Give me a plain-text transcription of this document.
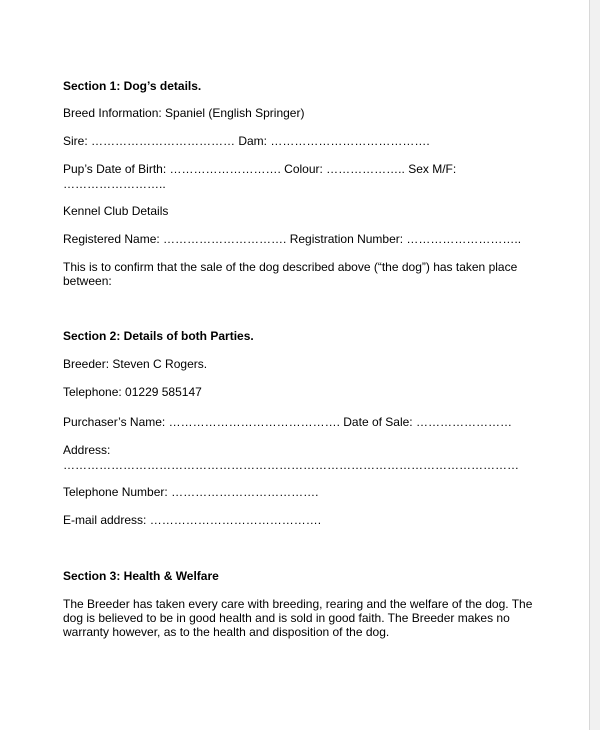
Section 1: Dog’s details.
Breed Information: Spaniel (English Springer)
Sire: ……………………………… Dam: ………………………………….
Pup’s Date of Birth: ………………………. Colour: ……………….. Sex M/F:
……………………..
Kennel Club Details
Registered Name: …………………………. Registration Number: ………………………..
This is to confirm that the sale of the dog described above (“the dog”) has taken place
between:
Section 2: Details of both Parties.
Breeder: Steven C Rogers.
Telephone: 01229 585147
Purchaser’s Name: ……………………………………. Date of Sale: ……………………
Address:
……………………………………………………………………………………………………
Telephone Number: ……………………………….
E-mail address: …………………………………….
Section 3: Health & Welfare
The Breeder has taken every care with breeding, rearing and the welfare of the dog. The
dog is believed to be in good health and is sold in good faith. The Breeder makes no
warranty however, as to the health and disposition of the dog.
